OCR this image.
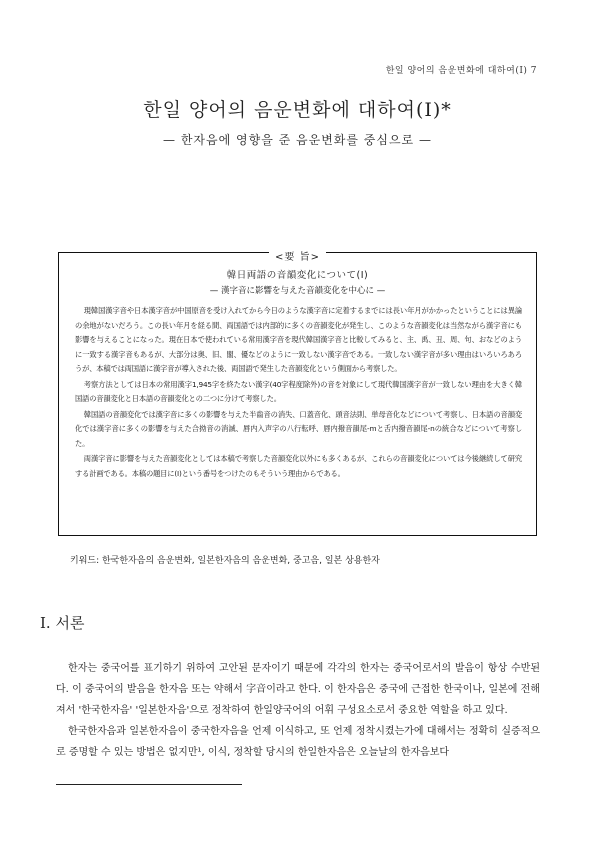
한일 양어의 음운변화에 대하여(Ⅰ) 7
한일 양어의 음운변화에 대하여(Ⅰ)*
— 한자음에 영향을 준 음운변화를 중심으로 —
<要 旨>
韓日両語の音韻変化について(Ⅰ)
— 漢字音に影響を与えた音韻変化を中心に —

現韓国漢字音や日本漢字音が中国原音を受け入れてから今日のような漢字音に定着するまでには長い年月がかかったということには異論の余地がないだろう。この長い年月を経る間、両国語では内部的に多くの音韻変化が発生し、このような音韻変化は当然ながら漢字音にも影響を与えることになった。現在日本で使われている常用漢字音を現代韓国漢字音と比較してみると、主、禹、丑、周、句、おなどのように一致する漢字音もあるが、大部分は奥、旧、閣、優などのように一致しない漢字音である。一致しない漢字音が多い理由はいろいろあろうが、本稿では両国語に漢字音が導入された後、両国語で発生した音韻変化という側面から考察した。

考察方法としては日本の常用漢字1,945字を終たない漢字(40字程度除外)の音を対象にして現代韓国漢字音が一致しない理由を大きく韓国語の音韻変化と日本語の音韻変化との二つに分けて考察した。

韓国語の音韻変化では漢字音に多くの影響を与えた半齒音の消失、口蓋音化、頭音法則、単母音化などについて考察し、日本語の音韻変化では漢字音に多くの影響を与えた合拗音の消滅、唇内入声字の八行転呼、唇内撥音韻尾-mと舌内撥音韻尾-nの統合などについて考察した。

両漢字音に影響を与えた音韻変化としては本稿で考察した音韻変化以外にも多くあるが、これらの音韻変化については今後継続して研究する計画である。本稿の題目に(Ⅰ)という番号をつけたのもそういう理由からである。

키워드: 한국한자음의 음운변화, 일본한자음의 음운변화, 중고음, 일본 상용한자
Ⅰ. 서론

한자는 중국어를 표기하기 위하여 고안된 문자이기 때문에 각각의 한자는 중국어로서의 발음이 항상 수반된다. 이 중국어의 발음을 한자음 또는 약해서 字音이라고 한다. 이 한자음은 중국에 근접한 한국이나, 일본에 전해져서 '한국한자음' '일본한자음'으로 정착하여 한일양국어의 어휘 구성요소로서 중요한 역할을 하고 있다.

한국한자음과 일본한자음이 중국한자음을 언제 이식하고, 또 언제 정착시켰는가에 대해서는 정확히 실증적으로 증명할 수 있는 방법은 없지만¹, 이식, 정착할 당시의 한일한자음은 오늘날의 한자음보다
